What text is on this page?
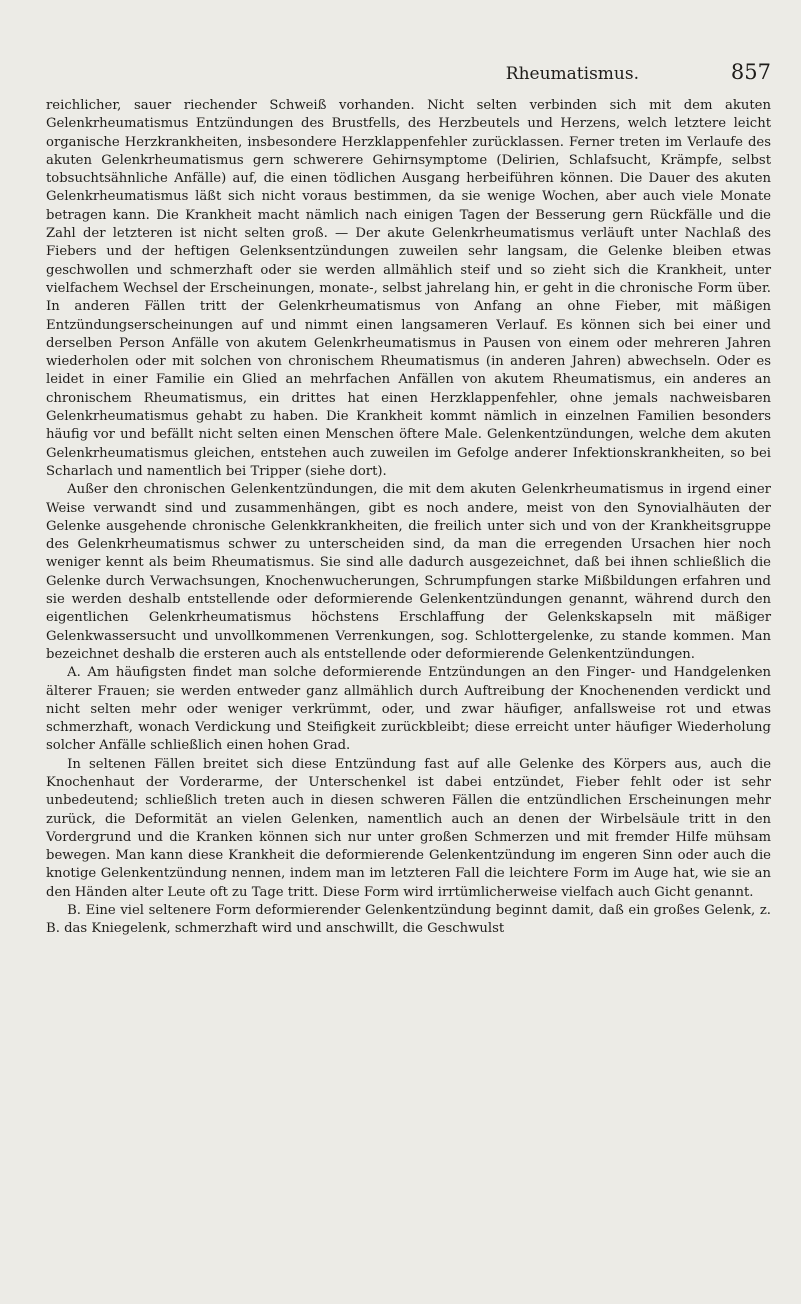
Rheumatismus.	857

reichlicher, sauer riechender Schweiß vorhanden. Nicht selten verbinden sich mit dem akuten Gelenkrheumatismus Entzündungen des Brustfells, des Herzbeutels und Herzens, welch letztere leicht organische Herzkrankheiten, insbesondere Herzklappenfehler zurücklassen. Ferner treten im Verlaufe des akuten Gelenkrheumatismus gern schwerere Gehirnsymptome (Delirien, Schlafsucht, Krämpfe, selbst tobsuchtsähnliche Anfälle) auf, die einen tödlichen Ausgang herbeiführen können. Die Dauer des akuten Gelenkrheumatismus läßt sich nicht voraus bestimmen, da sie wenige Wochen, aber auch viele Monate betragen kann. Die Krankheit macht nämlich nach einigen Tagen der Besserung gern Rückfälle und die Zahl der letzteren ist nicht selten groß. — Der akute Gelenkrheumatismus verläuft unter Nachlaß des Fiebers und der heftigen Gelenksentzündungen zuweilen sehr langsam, die Gelenke bleiben etwas geschwollen und schmerzhaft oder sie werden allmählich steif und so zieht sich die Krankheit, unter vielfachem Wechsel der Erscheinungen, monate-, selbst jahrelang hin, er geht in die chronische Form über. In anderen Fällen tritt der Gelenkrheumatismus von Anfang an ohne Fieber, mit mäßigen Entzündungserscheinungen auf und nimmt einen langsameren Verlauf. Es können sich bei einer und derselben Person Anfälle von akutem Gelenkrheumatismus in Pausen von einem oder mehreren Jahren wiederholen oder mit solchen von chronischem Rheumatismus (in anderen Jahren) abwechseln. Oder es leidet in einer Familie ein Glied an mehrfachen Anfällen von akutem Rheumatismus, ein anderes an chronischem Rheumatismus, ein drittes hat einen Herzklappenfehler, ohne jemals nachweisbaren Gelenkrheumatismus gehabt zu haben. Die Krankheit kommt nämlich in einzelnen Familien besonders häufig vor und befällt nicht selten einen Menschen öftere Male. Gelenkentzündungen, welche dem akuten Gelenkrheumatismus gleichen, entstehen auch zuweilen im Gefolge anderer Infektionskrankheiten, so bei Scharlach und namentlich bei Tripper (siehe dort).

Außer den chronischen Gelenkentzündungen, die mit dem akuten Gelenkrheumatismus in irgend einer Weise verwandt sind und zusammenhängen, gibt es noch andere, meist von den Synovialhäuten der Gelenke ausgehende chronische Gelenkkrankheiten, die freilich unter sich und von der Krankheitsgruppe des Gelenkrheumatismus schwer zu unterscheiden sind, da man die erregenden Ursachen hier noch weniger kennt als beim Rheumatismus. Sie sind alle dadurch ausgezeichnet, daß bei ihnen schließlich die Gelenke durch Verwachsungen, Knochenwucherungen, Schrumpfungen starke Mißbildungen erfahren und sie werden deshalb entstellende oder deformierende Gelenkentzündungen genannt, während durch den eigentlichen Gelenkrheumatismus höchstens Erschlaffung der Gelenkskapseln mit mäßiger Gelenkwassersucht und unvollkommenen Verrenkungen, sog. Schlottergelenke, zu stande kommen. Man bezeichnet deshalb die ersteren auch als entstellende oder deformierende Gelenkentzündungen.

A. Am häufigsten findet man solche deformierende Entzündungen an den Finger- und Handgelenken älterer Frauen; sie werden entweder ganz allmählich durch Auftreibung der Knochenenden verdickt und nicht selten mehr oder weniger verkrümmt, oder, und zwar häufiger, anfallsweise rot und etwas schmerzhaft, wonach Verdickung und Steifigkeit zurückbleibt; diese erreicht unter häufiger Wiederholung solcher Anfälle schließlich einen hohen Grad.

In seltenen Fällen breitet sich diese Entzündung fast auf alle Gelenke des Körpers aus, auch die Knochenhaut der Vorderarme, der Unterschenkel ist dabei entzündet, Fieber fehlt oder ist sehr unbedeutend; schließlich treten auch in diesen schweren Fällen die entzündlichen Erscheinungen mehr zurück, die Deformität an vielen Gelenken, namentlich auch an denen der Wirbelsäule tritt in den Vordergrund und die Kranken können sich nur unter großen Schmerzen und mit fremder Hilfe mühsam bewegen. Man kann diese Krankheit die deformierende Gelenkentzündung im engeren Sinn oder auch die knotige Gelenkentzündung nennen, indem man im letzteren Fall die leichtere Form im Auge hat, wie sie an den Händen alter Leute oft zu Tage tritt. Diese Form wird irrtümlicherweise vielfach auch Gicht genannt.

B. Eine viel seltenere Form deformierender Gelenkentzündung beginnt damit, daß ein großes Gelenk, z. B. das Kniegelenk, schmerzhaft wird und anschwillt, die Geschwulst
